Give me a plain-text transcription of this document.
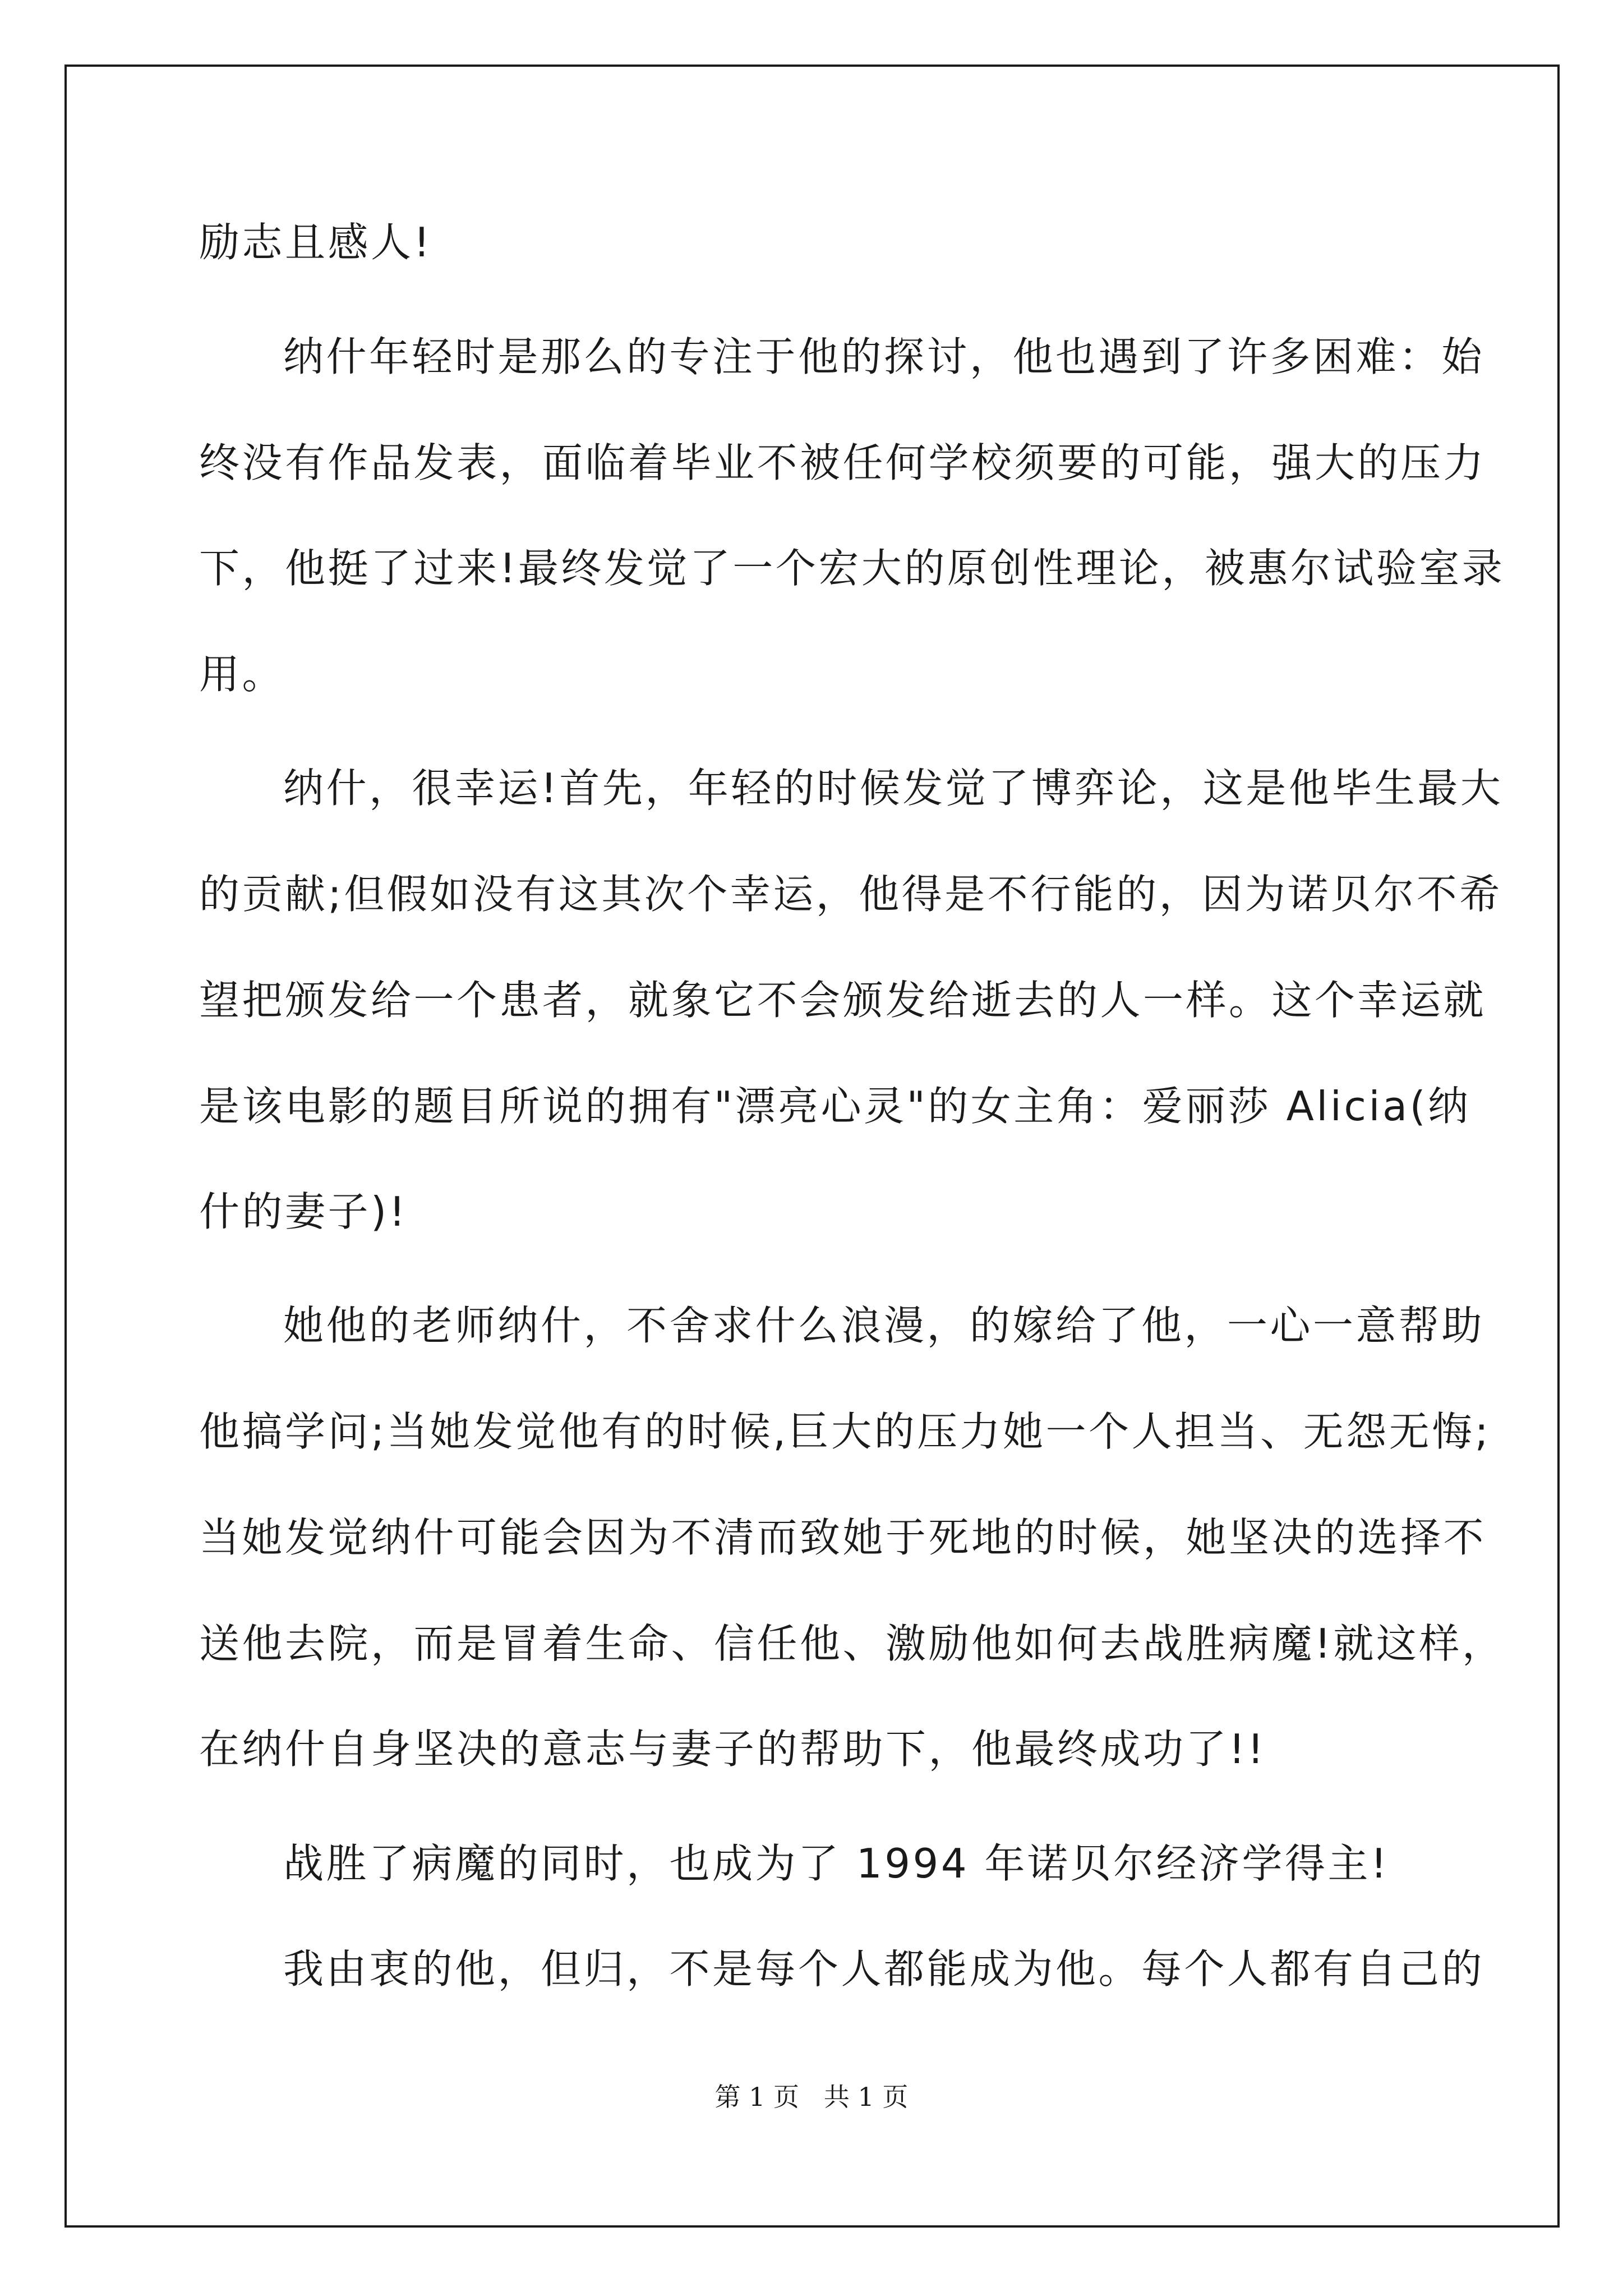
励志且感人!
纳什年轻时是那么的专注于他的探讨，他也遇到了许多困难：始
终没有作品发表，面临着毕业不被任何学校须要的可能，强大的压力
下，他挺了过来!最终发觉了一个宏大的原创性理论，被惠尔试验室录
用。
纳什，很幸运!首先，年轻的时候发觉了博弈论，这是他毕生最大
的贡献;但假如没有这其次个幸运，他得是不行能的，因为诺贝尔不希
望把颁发给一个患者，就象它不会颁发给逝去的人一样。这个幸运就
是该电影的题目所说的拥有"漂亮心灵"的女主角：爱丽莎 Alicia(纳
什的妻子)!
她他的老师纳什，不舍求什么浪漫，的嫁给了他，一心一意帮助
他搞学问;当她发觉他有的时候,巨大的压力她一个人担当、无怨无悔;
当她发觉纳什可能会因为不清而致她于死地的时候，她坚决的选择不
送他去院，而是冒着生命、信任他、激励他如何去战胜病魔!就这样，
在纳什自身坚决的意志与妻子的帮助下，他最终成功了!!
战胜了病魔的同时，也成为了 1994 年诺贝尔经济学得主!
我由衷的他，但归，不是每个人都能成为他。每个人都有自己的
第 1 页   共 1 页
